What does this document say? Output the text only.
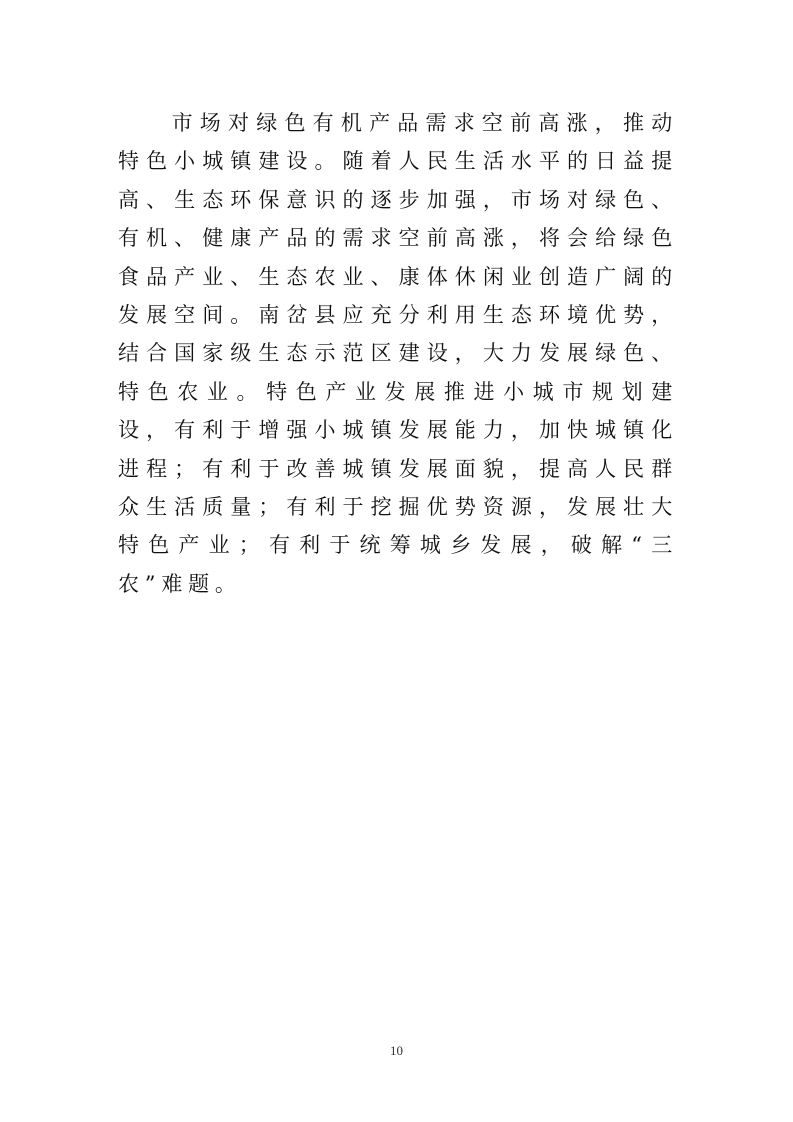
市场对绿色有机产品需求空前高涨，推动特色小城镇建设。随着人民生活水平的日益提高、生态环保意识的逐步加强，市场对绿色、有机、健康产品的需求空前高涨，将会给绿色食品产业、生态农业、康体休闲业创造广阔的发展空间。南岔县应充分利用生态环境优势，结合国家级生态示范区建设，大力发展绿色、特色农业。特色产业发展推进小城市规划建设，有利于增强小城镇发展能力，加快城镇化进程；有利于改善城镇发展面貌，提高人民群众生活质量；有利于挖掘优势资源，发展壮大特色产业；有利于统筹城乡发展，破解“三农”难题。

10
